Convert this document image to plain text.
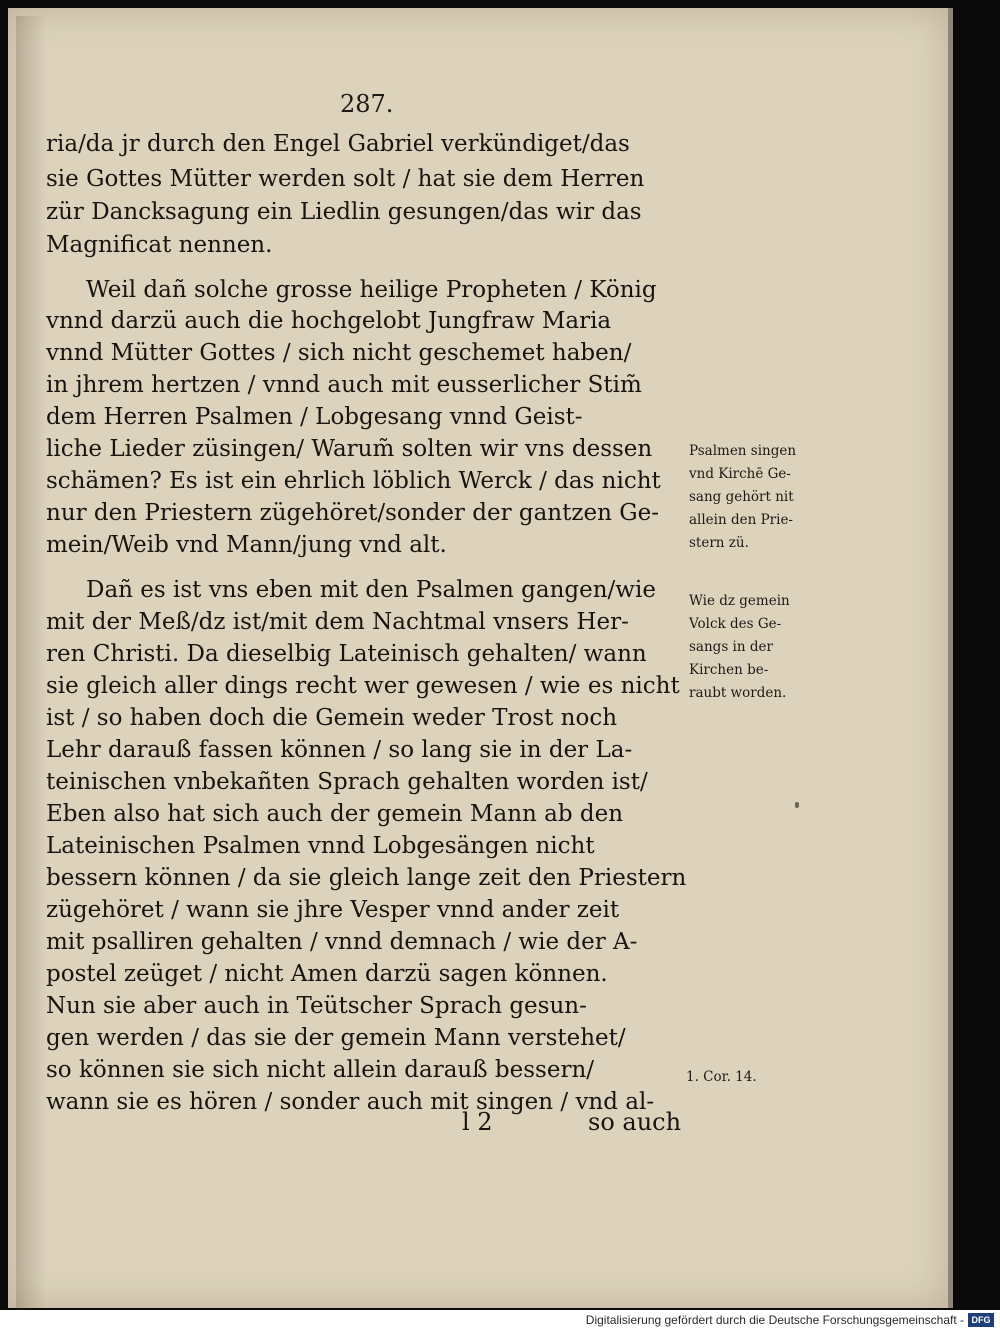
287.
ria/da jr durch den Engel Gabriel verkündiget/das
sie Gottes Mütter werden solt / hat sie dem Herren
zür Dancksagung ein Liedlin gesungen/das wir das
Magnificat nennen.
Weil dañ solche grosse heilige Propheten / König
vnnd darzü auch die hochgelobt Jungfraw Maria
vnnd Mütter Gottes / sich nicht geschemet haben/
in jhrem hertzen / vnnd auch mit eusserlicher Stim̃
dem Herren Psalmen / Lobgesang vnnd Geist-
liche Lieder züsingen/ Warum̃ solten wir vns dessen
schämen? Es ist ein ehrlich löblich Werck / das nicht
nur den Priestern zügehöret/sonder der gantzen Ge-
mein/Weib vnd Mann/jung vnd alt.
Dañ es ist vns eben mit den Psalmen gangen/wie
mit der Meß/dz ist/mit dem Nachtmal vnsers Her-
ren Christi. Da dieselbig Lateinisch gehalten/ wann
sie gleich aller dings recht wer gewesen / wie es nicht
ist / so haben doch die Gemein weder Trost noch
Lehr darauß fassen können / so lang sie in der La-
teinischen vnbekañten Sprach gehalten worden ist/
Eben also hat sich auch der gemein Mann ab den
Lateinischen Psalmen vnnd Lobgesängen nicht
bessern können / da sie gleich lange zeit den Priestern
zügehöret / wann sie jhre Vesper vnnd ander zeit
mit psalliren gehalten / vnnd demnach / wie der A-
postel zeüget / nicht Amen darzü sagen können.
Nun sie aber auch in Teütscher Sprach gesun-
gen werden / das sie der gemein Mann verstehet/
so können sie sich nicht allein darauß bessern/
wann sie es hören / sonder auch mit singen / vnd al-
Psalmen singen
vnd Kirchē Ge-
sang gehört nit
allein den Prie-
stern zü.
Wie dz gemein
Volck des Ge-
sangs in der
Kirchen be-
raubt worden.
1. Cor. 14.
l 2	so auch
Digitalisierung gefördert durch die Deutsche Forschungsgemeinschaft - DFG
